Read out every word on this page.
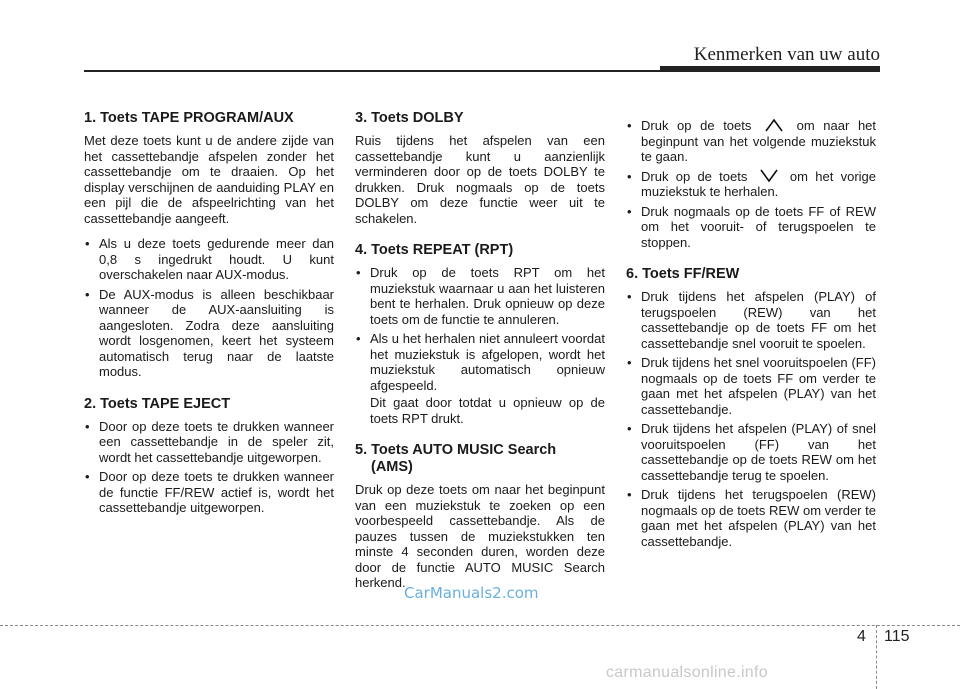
Kenmerken van uw auto
1. Toets TAPE PROGRAM/AUX
Met deze toets kunt u de andere zijde van het cassettebandje afspelen zonder het cassettebandje om te draaien. Op het display verschijnen de aanduiding PLAY en een pijl die de afspeelrichting van het cassettebandje aangeeft.
• Als u deze toets gedurende meer dan 0,8 s ingedrukt houdt. U kunt overschakelen naar AUX-modus.
• De AUX-modus is alleen beschikbaar wanneer de AUX-aansluiting is aangesloten. Zodra deze aansluiting wordt losgenomen, keert het systeem automatisch terug naar de laatste modus.
2. Toets TAPE EJECT
• Door op deze toets te drukken wanneer een cassettebandje in de speler zit, wordt het cassettebandje uitgeworpen.
• Door op deze toets te drukken wanneer de functie FF/REW actief is, wordt het cassettebandje uitgeworpen.
3. Toets DOLBY
Ruis tijdens het afspelen van een cassettebandje kunt u aanzienlijk verminderen door op de toets DOLBY te drukken. Druk nogmaals op de toets DOLBY om deze functie weer uit te schakelen.
4. Toets REPEAT (RPT)
• Druk op de toets RPT om het muziekstuk waarnaar u aan het luisteren bent te herhalen. Druk opnieuw op deze toets om de functie te annuleren.
• Als u het herhalen niet annuleert voordat het muziekstuk is afgelopen, wordt het muziekstuk automatisch opnieuw afgespeeld.
Dit gaat door totdat u opnieuw op de toets RPT drukt.
5. Toets AUTO MUSIC Search
(AMS)
Druk op deze toets om naar het beginpunt van een muziekstuk te zoeken op een voorbespeeld cassettebandje. Als de pauzes tussen de muziekstukken ten minste 4 seconden duren, worden deze door de functie AUTO MUSIC Search herkend.
• Druk op de toets	om naar het beginpunt van het volgende muziekstuk te gaan.
• Druk op de toets	om het vorige muziekstuk te herhalen.
• Druk nogmaals op de toets FF of REW om het vooruit- of terugspoelen te stoppen.
6. Toets FF/REW
• Druk tijdens het afspelen (PLAY) of terugspoelen (REW) van het cassettebandje op de toets FF om het cassettebandje snel vooruit te spoelen.
• Druk tijdens het snel vooruitspoelen (FF) nogmaals op de toets FF om verder te gaan met het afspelen (PLAY) van het cassettebandje.
• Druk tijdens het afspelen (PLAY) of snel vooruitspoelen (FF) van het cassettebandje op de toets REW om het cassettebandje terug te spoelen.
• Druk tijdens het terugspoelen (REW) nogmaals op de toets REW om verder te gaan met het afspelen (PLAY) van het cassettebandje.
CarManuals2.com
4 115
carmanualsonline.info
